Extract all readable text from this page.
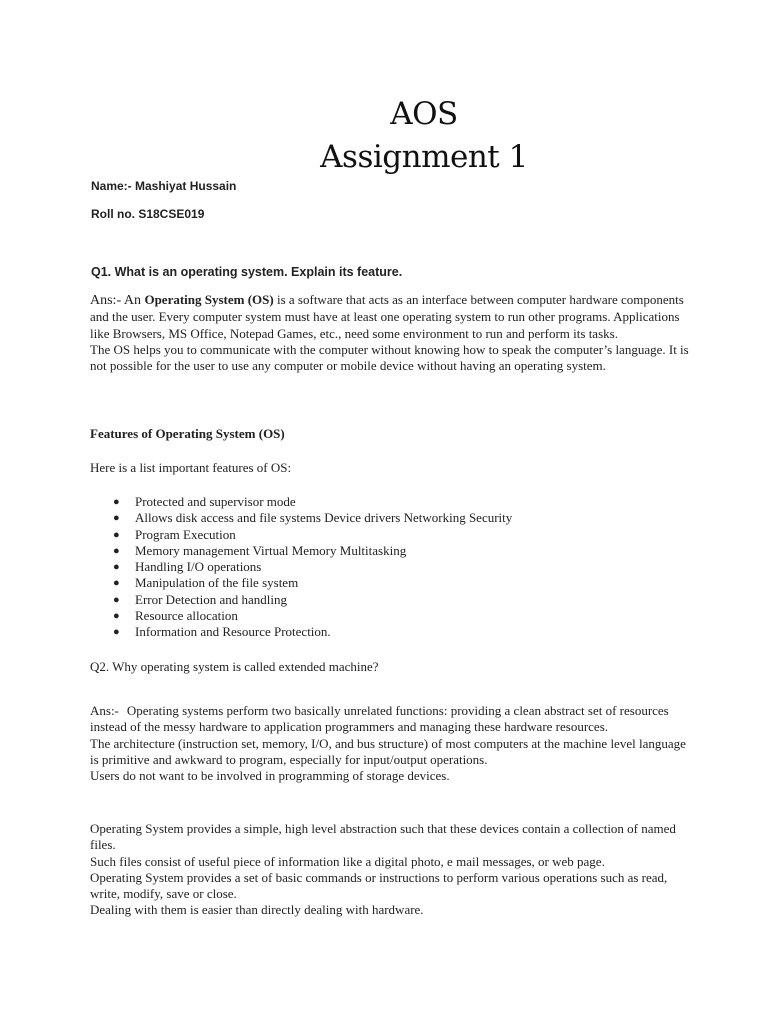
AOS
Assignment 1
Name:- Mashiyat Hussain
Roll no. S18CSE019
Q1. What is an operating system. Explain its feature.

Ans:- An Operating System (OS) is a software that acts as an interface between computer hardware components and the user. Every computer system must have at least one operating system to run other programs. Applications like Browsers, MS Office, Notepad Games, etc., need some environment to run and perform its tasks.

The OS helps you to communicate with the computer without knowing how to speak the computer’s language. It is not possible for the user to use any computer or mobile device without having an operating system.

Features of Operating System (OS)
Here is a list important features of OS:
● Protected and supervisor mode
● Allows disk access and file systems Device drivers Networking Security
● Program Execution
● Memory management Virtual Memory Multitasking
● Handling I/O operations
● Manipulation of the file system
● Error Detection and handling
● Resource allocation
● Information and Resource Protection.
Q2. Why operating system is called extended machine?

Ans:- Operating systems perform two basically unrelated functions: providing a clean abstract set of resources instead of the messy hardware to application programmers and managing these hardware resources.

The architecture (instruction set, memory, I/O, and bus structure) of most computers at the machine level language is primitive and awkward to program, especially for input/output operations.

Users do not want to be involved in programming of storage devices.

Operating System provides a simple, high level abstraction such that these devices contain a collection of named files.

Such files consist of useful piece of information like a digital photo, e mail messages, or web page.

Operating System provides a set of basic commands or instructions to perform various operations such as read, write, modify, save or close.

Dealing with them is easier than directly dealing with hardware.
